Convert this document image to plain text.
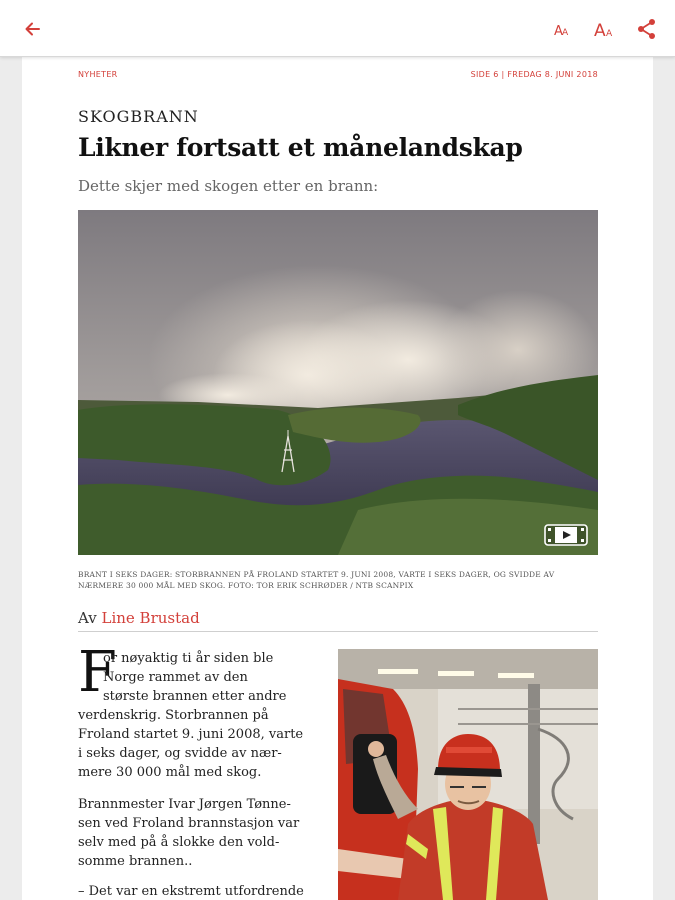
A A A A
NYHETER	SIDE 6 | FREDAG 8. JUNI 2018
SKOGBRANN
Likner fortsatt et månelandskap
Dette skjer med skogen etter en brann:
BRANT I SEKS DAGER: STORBRANNEN PÅ FROLAND STARTET 9. JUNI 2008, VARTE I SEKS DAGER, OG SVIDDE AV
NÆRMERE 30 000 MÅL MED SKOG. FOTO: TOR ERIK SCHRØDER / NTB SCANPIX
Av Line Brustad
F
or nøyaktig ti år siden ble
Norge rammet av den
største brannen etter andre
verdenskrig. Storbrannen på
Froland startet 9. juni 2008, varte
i seks dager, og svidde av nær-
mere 30 000 mål med skog.
Brannmester Ivar Jørgen Tønne-
sen ved Froland brannstasjon var
selv med på å slokke den vold-
somme brannen..
– Det var en ekstremt utfordrende
